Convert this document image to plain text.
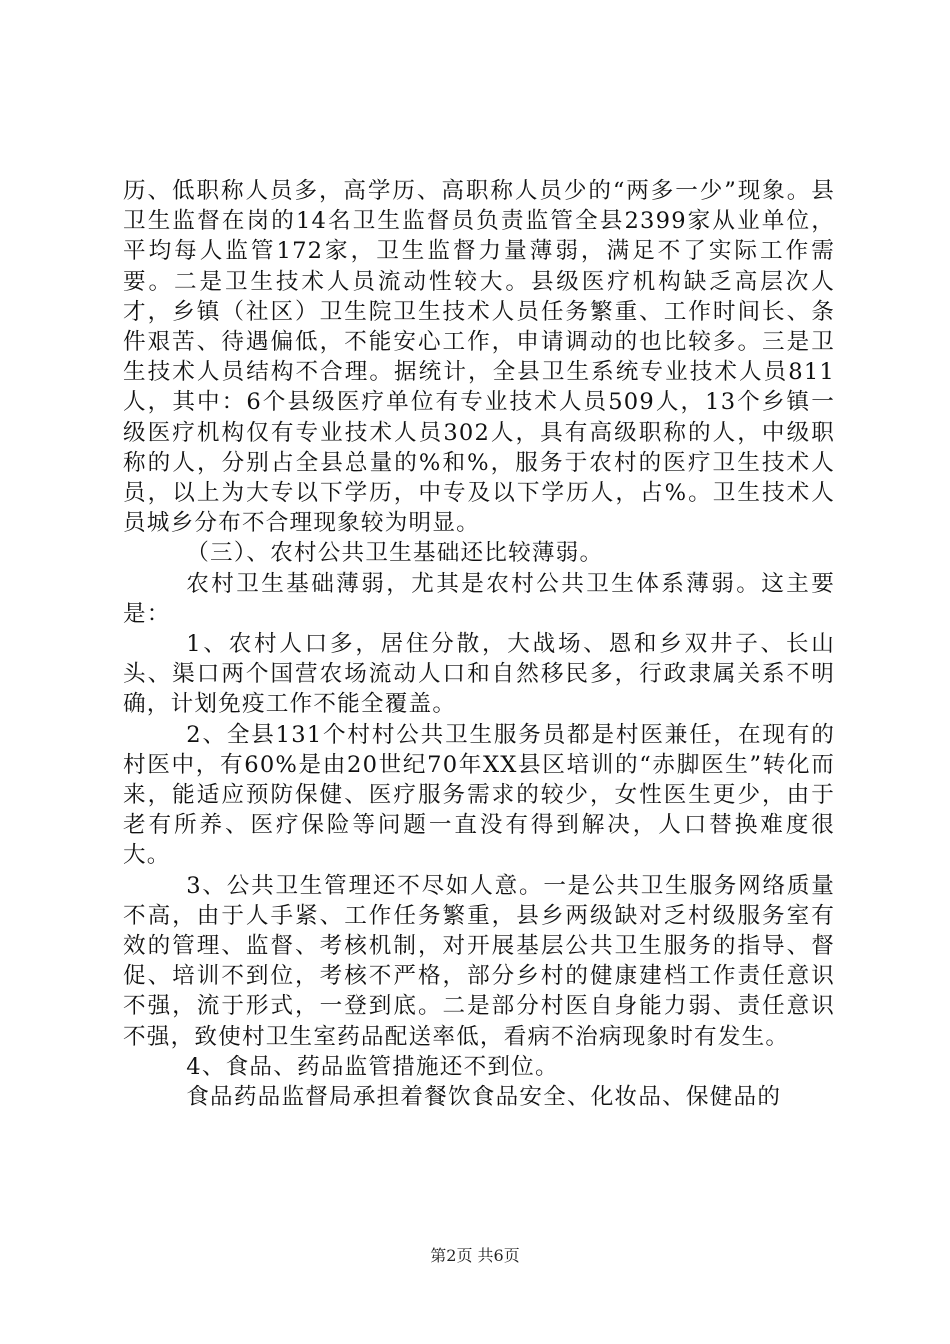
历、低职称人员多，高学历、高职称人员少的“两多一少”现象。县卫生监督在岗的14名卫生监督员负责监管全县2399家从业单位，平均每人监管172家，卫生监督力量薄弱，满足不了实际工作需要。二是卫生技术人员流动性较大。县级医疗机构缺乏高层次人才，乡镇（社区）卫生院卫生技术人员任务繁重、工作时间长、条件艰苦、待遇偏低，不能安心工作，申请调动的也比较多。三是卫生技术人员结构不合理。据统计，全县卫生系统专业技术人员811人，其中：6个县级医疗单位有专业技术人员509人，13个乡镇一级医疗机构仅有专业技术人员302人，具有高级职称的人，中级职称的人，分别占全县总量的%和%，服务于农村的医疗卫生技术人员，以上为大专以下学历，中专及以下学历人，占%。卫生技术人员城乡分布不合理现象较为明显。

（三）、农村公共卫生基础还比较薄弱。

农村卫生基础薄弱，尤其是农村公共卫生体系薄弱。这主要是：

1、农村人口多，居住分散，大战场、恩和乡双井子、长山头、渠口两个国营农场流动人口和自然移民多，行政隶属关系不明确，计划免疫工作不能全覆盖。

2、全县131个村村公共卫生服务员都是村医兼任，在现有的村医中，有60%是由20世纪70年XX县区培训的“赤脚医生”转化而来，能适应预防保健、医疗服务需求的较少，女性医生更少，由于老有所养、医疗保险等问题一直没有得到解决，人口替换难度很大。

3、公共卫生管理还不尽如人意。一是公共卫生服务网络质量不高，由于人手紧、工作任务繁重，县乡两级缺对乏村级服务室有效的管理、监督、考核机制，对开展基层公共卫生服务的指导、督促、培训不到位，考核不严格，部分乡村的健康建档工作责任意识不强，流于形式，一登到底。二是部分村医自身能力弱、责任意识不强，致使村卫生室药品配送率低，看病不治病现象时有发生。

4、食品、药品监管措施还不到位。

食品药品监督局承担着餐饮食品安全、化妆品、保健品的

第2页 共6页
